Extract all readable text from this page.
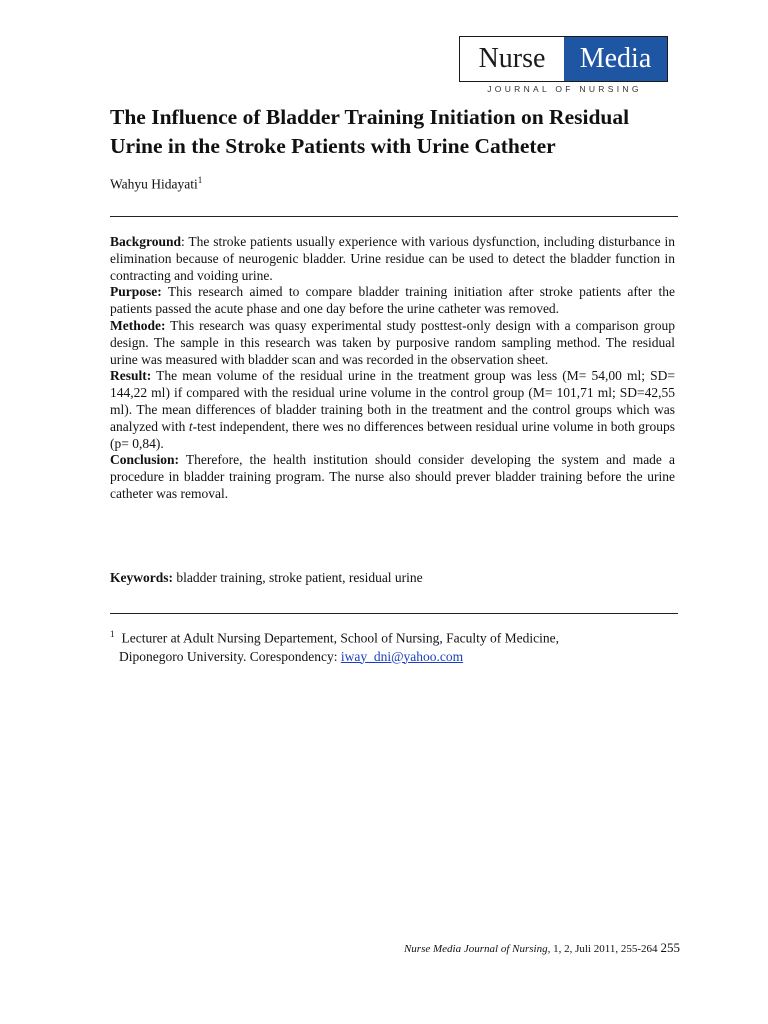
Nurse	Media
JOURNAL OF NURSING
The Influence of Bladder Training Initiation on Residual Urine in the Stroke Patients with Urine Catheter
Wahyu Hidayati$^1$

Background: The stroke patients usually experience with various dysfunction, including disturbance in elimination because of neurogenic bladder. Urine residue can be used to detect the bladder function in contracting and voiding urine.

Purpose: This research aimed to compare bladder training initiation after stroke patients after the patients passed the acute phase and one day before the urine catheter was removed.

Methode: This research was quasy experimental study posttest-only design with a comparison group design. The sample in this research was taken by purposive random sampling method. The residual urine was measured with bladder scan and was recorded in the observation sheet.

Result: The mean volume of the residual urine in the treatment group was less (M= 54,00 ml; SD= 144,22 ml) if compared with the residual urine volume in the control group (M= 101,71 ml; SD=42,55 ml). The mean differences of bladder training both in the treatment and the control groups which was analyzed with t-test independent, there wes no differences between residual urine volume in both groups (p= 0,84).

Conclusion: Therefore, the health institution should consider developing the system and made a procedure in bladder training program. The nurse also should prever bladder training before the urine catheter was removal.

Keywords: bladder training, stroke patient, residual urine
$^1$ Lecturer at Adult Nursing Departement, School of Nursing, Faculty of Medicine,
Diponegoro University. Corespondency: iway_dni@yahoo.com
Nurse Media Journal of Nursing, 1, 2, Juli 2011, 255-264 255
